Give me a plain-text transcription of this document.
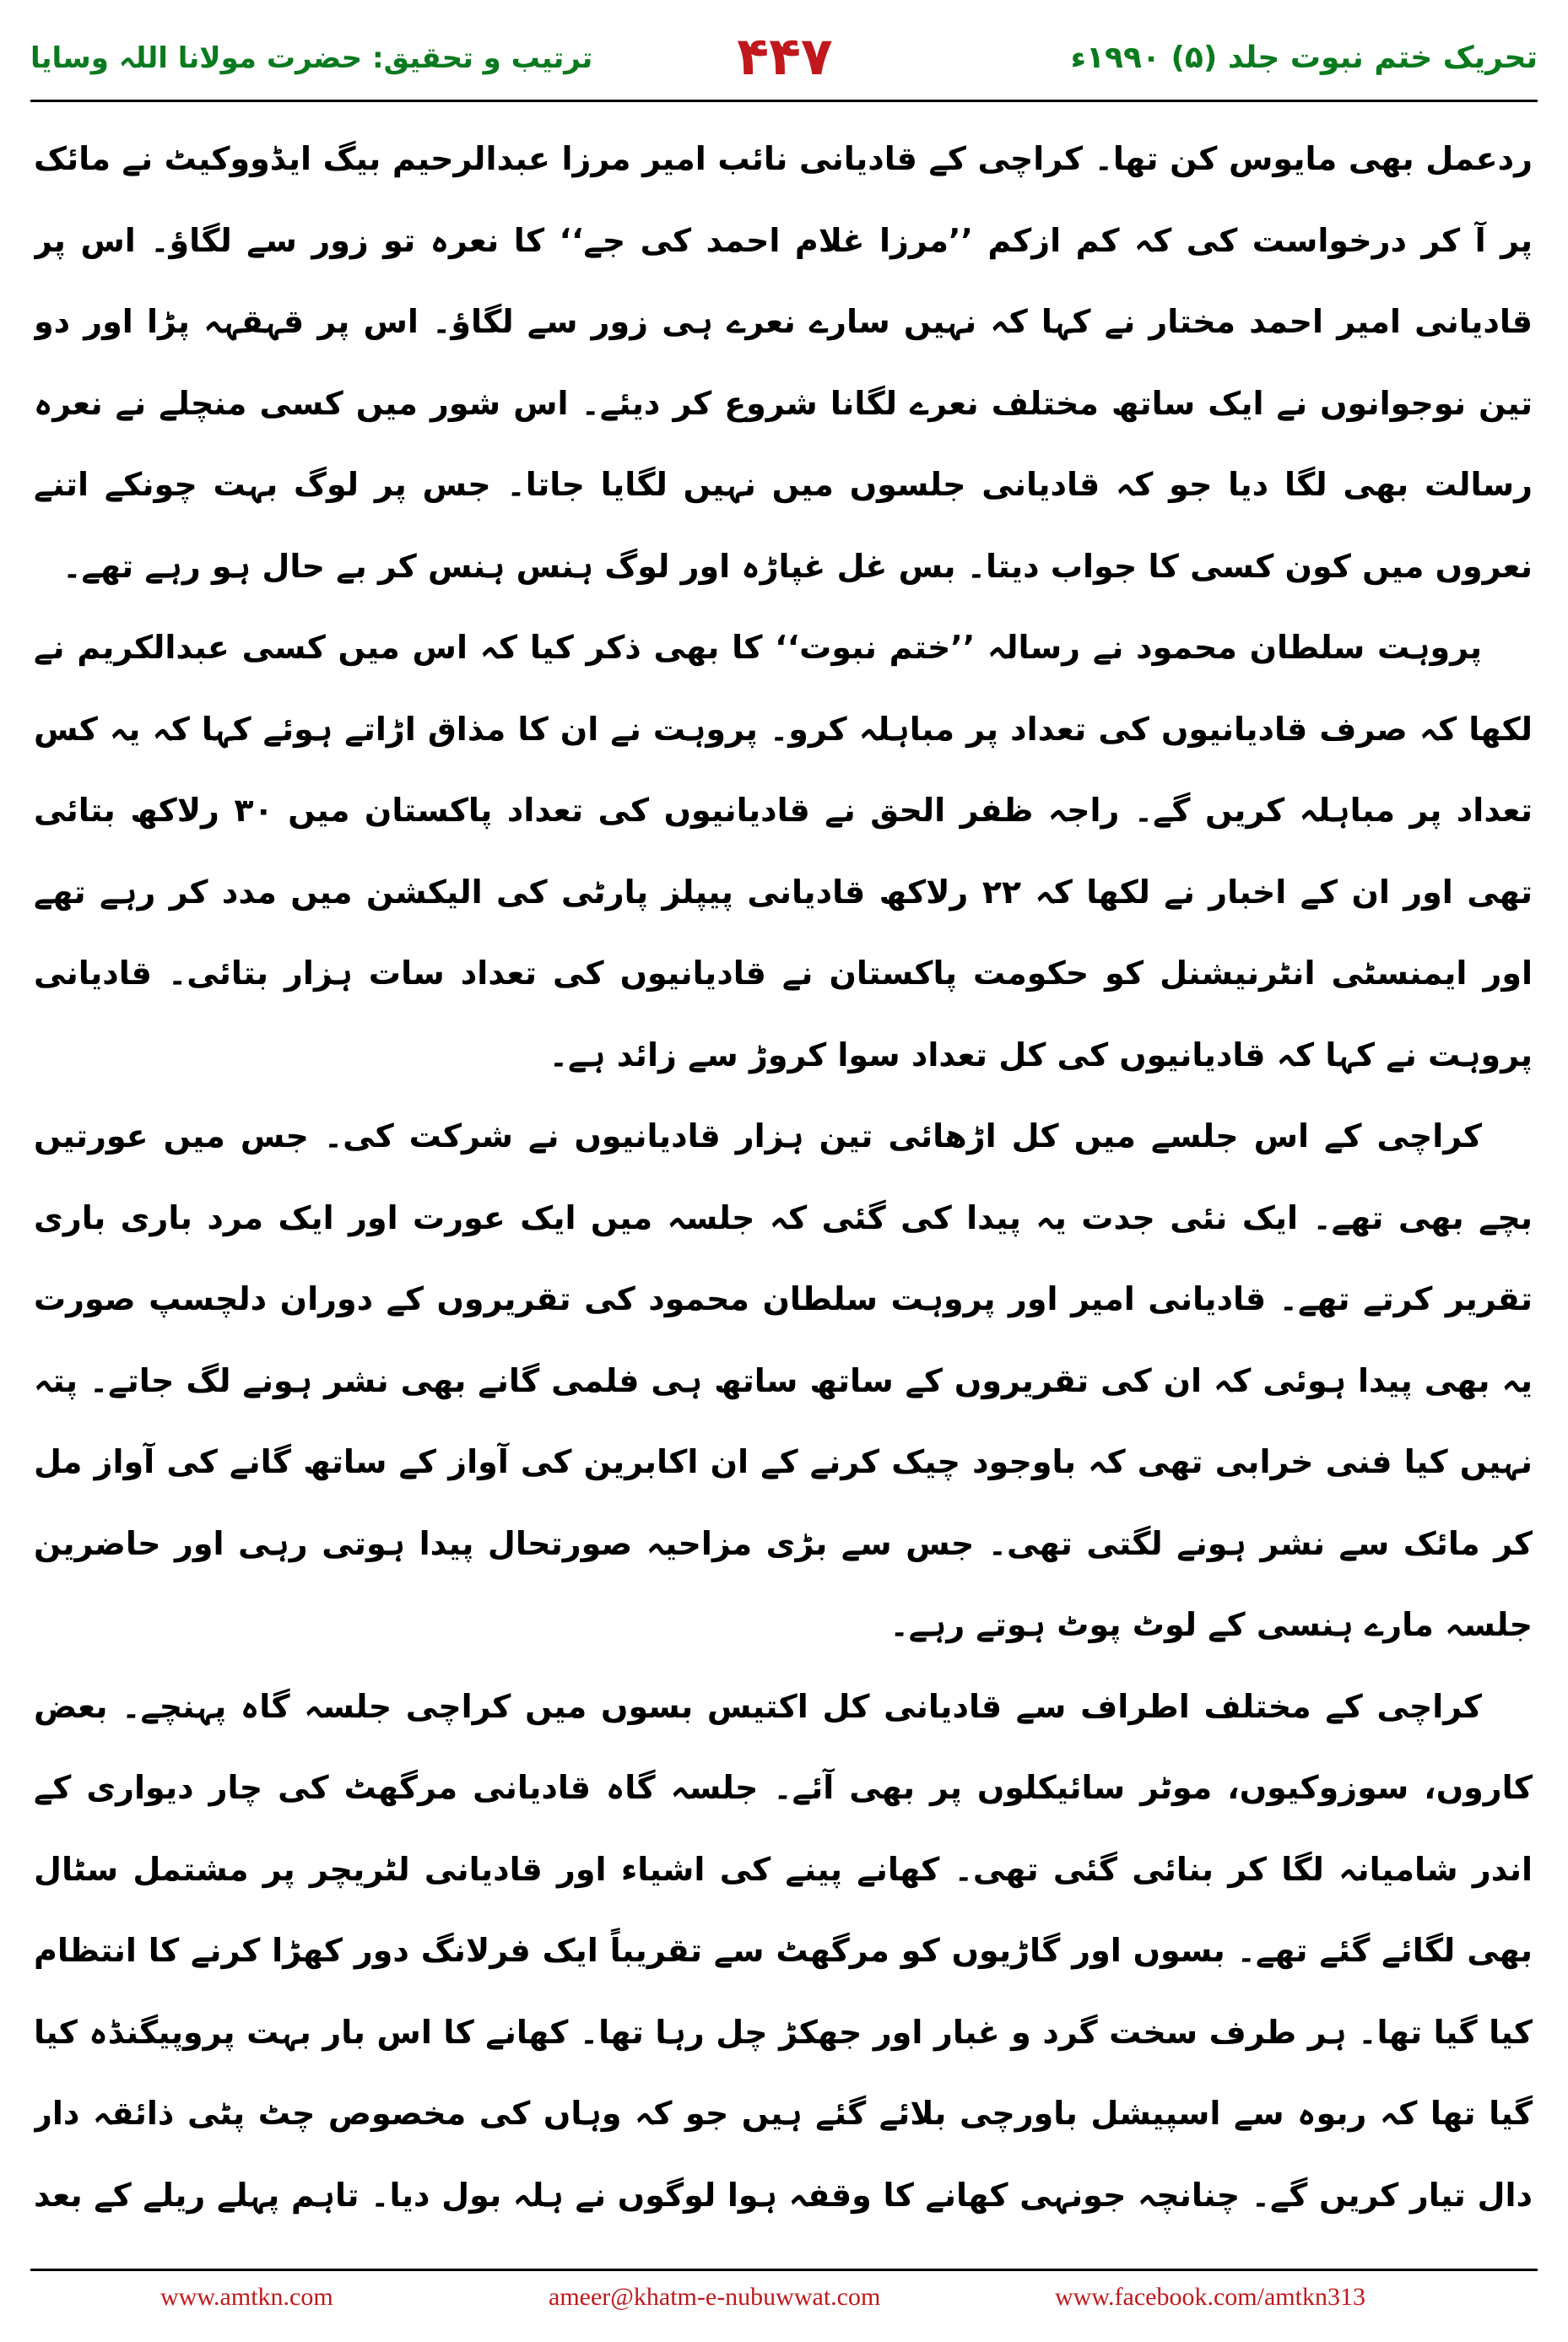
تحریک ختم نبوت جلد (۵) ۱۹۹۰ء
۴۴۷
ترتیب و تحقیق: حضرت مولانا اللہ وسایا

ردعمل بھی مایوس کن تھا۔ کراچی کے قادیانی نائب امیر مرزا عبدالرحیم بیگ ایڈووکیٹ نے مائک پر آ کر درخواست کی کہ کم ازکم ’’مرزا غلام احمد کی جے‘‘ کا نعرہ تو زور سے لگاؤ۔ اس پر قادیانی امیر احمد مختار نے کہا کہ نہیں سارے نعرے ہی زور سے لگاؤ۔ اس پر قہقہہ پڑا اور دو تین نوجوانوں نے ایک ساتھ مختلف نعرے لگانا شروع کر دیئے۔ اس شور میں کسی منچلے نے نعرہ رسالت بھی لگا دیا جو کہ قادیانی جلسوں میں نہیں لگایا جاتا۔ جس پر لوگ بہت چونکے اتنے نعروں میں کون کسی کا جواب دیتا۔ بس غل غپاڑہ اور لوگ ہنس ہنس کر بے حال ہو رہے تھے۔

پروہت سلطان محمود نے رسالہ ’’ختم نبوت‘‘ کا بھی ذکر کیا کہ اس میں کسی عبدالکریم نے لکھا کہ صرف قادیانیوں کی تعداد پر مباہلہ کرو۔ پروہت نے ان کا مذاق اڑاتے ہوئے کہا کہ یہ کس تعداد پر مباہلہ کریں گے۔ راجہ ظفر الحق نے قادیانیوں کی تعداد پاکستان میں ۳۰ رلاکھ بتائی تھی اور ان کے اخبار نے لکھا کہ ۲۲ رلاکھ قادیانی پیپلز پارٹی کی الیکشن میں مدد کر رہے تھے اور ایمنسٹی انٹرنیشنل کو حکومت پاکستان نے قادیانیوں کی تعداد سات ہزار بتائی۔ قادیانی پروہت نے کہا کہ قادیانیوں کی کل تعداد سوا کروڑ سے زائد ہے۔

کراچی کے اس جلسے میں کل اڑھائی تین ہزار قادیانیوں نے شرکت کی۔ جس میں عورتیں بچے بھی تھے۔ ایک نئی جدت یہ پیدا کی گئی کہ جلسہ میں ایک عورت اور ایک مرد باری باری تقریر کرتے تھے۔ قادیانی امیر اور پروہت سلطان محمود کی تقریروں کے دوران دلچسپ صورت یہ بھی پیدا ہوئی کہ ان کی تقریروں کے ساتھ ساتھ ہی فلمی گانے بھی نشر ہونے لگ جاتے۔ پتہ نہیں کیا فنی خرابی تھی کہ باوجود چیک کرنے کے ان اکابرین کی آواز کے ساتھ گانے کی آواز مل کر مائک سے نشر ہونے لگتی تھی۔ جس سے بڑی مزاحیہ صورتحال پیدا ہوتی رہی اور حاضرین جلسہ مارے ہنسی کے لوٹ پوٹ ہوتے رہے۔

کراچی کے مختلف اطراف سے قادیانی کل اکتیس بسوں میں کراچی جلسہ گاہ پہنچے۔ بعض کاروں، سوزوکیوں، موٹر سائیکلوں پر بھی آئے۔ جلسہ گاہ قادیانی مرگھٹ کی چار دیواری کے اندر شامیانہ لگا کر بنائی گئی تھی۔ کھانے پینے کی اشیاء اور قادیانی لٹریچر پر مشتمل سٹال بھی لگائے گئے تھے۔ بسوں اور گاڑیوں کو مرگھٹ سے تقریباً ایک فرلانگ دور کھڑا کرنے کا انتظام کیا گیا تھا۔ ہر طرف سخت گرد و غبار اور جھکڑ چل رہا تھا۔ کھانے کا اس بار بہت پروپیگنڈہ کیا گیا تھا کہ ربوہ سے اسپیشل باورچی بلائے گئے ہیں جو کہ وہاں کی مخصوص چٹ پٹی ذائقہ دار دال تیار کریں گے۔ چنانچہ جونہی کھانے کا وقفہ ہوا لوگوں نے ہلہ بول دیا۔ تاہم پہلے ریلے کے بعد

www.amtkn.com	ameer@khatm-e-nubuwwat.com	www.facebook.com/amtkn313
